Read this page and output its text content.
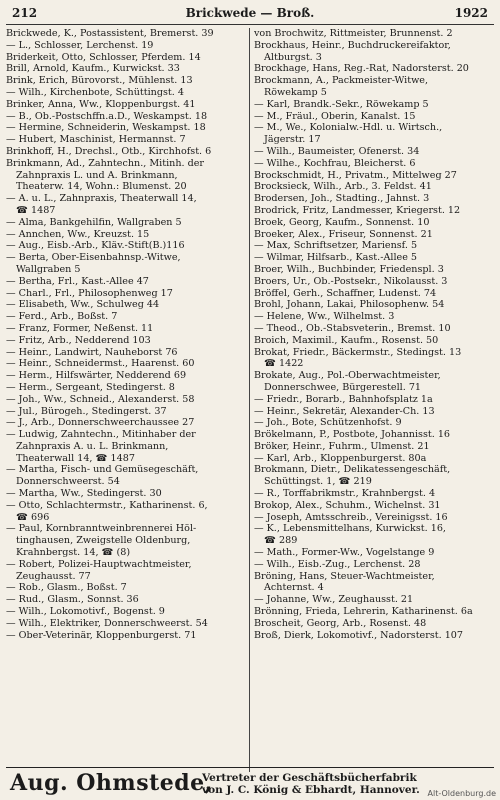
212	Brickwede — Broß.	1922
Brickwede, K., Postassistent, Bremerst. 39
— L., Schlosser, Lerchenst. 19
Briderkeit, Otto, Schlosser, Pferdem. 14
Brill, Arnold, Kaufm., Kurwickst. 33
Brink, Erich, Bürovorst., Mühlenst. 13
— Wilh., Kirchenbote, Schüttingst. 4
Brinker, Anna, Ww., Kloppenburgst. 41
— B., Ob.-Postschffn.a.D., Weskampst. 18
— Hermine, Schneiderin, Weskampst. 18
— Hubert, Maschinist, Hermannst. 7
Brinkhoff, H., Drechsl., Otb., Kirchhofst. 6
Brinkmann, Ad., Zahntechn., Mitinh. der
Zahnpraxis L. und A. Brinkmann,
Theaterw. 14, Wohn.: Blumenst. 20
— A. u. L., Zahnpraxis, Theaterwall 14,
☎ 1487
— Alma, Bankgehilfin, Wallgraben 5
— Annchen, Ww., Kreuzst. 15
— Aug., Eisb.-Arb., Kläv.-Stift(B.)116
— Berta, Ober-Eisenbahnsp.-Witwe,
Wallgraben 5
— Bertha, Frl., Kast.-Allee 47
— Charl., Frl., Philosophenweg 17
— Elisabeth, Ww., Schulweg 44
— Ferd., Arb., Boßst. 7
— Franz, Former, Neßenst. 11
— Fritz, Arb., Nedderend 103
— Heinr., Landwirt, Nauheborst 76
— Heinr., Schneidermst., Haarenst. 60
— Herm., Hilfswärter, Nedderend 69
— Herm., Sergeant, Stedingerst. 8
— Joh., Ww., Schneid., Alexanderst. 58
— Jul., Bürogeh., Stedingerst. 37
— J., Arb., Donnerschweerchaussee 27
— Ludwig, Zahntechn., Mitinhaber der
Zahnpraxis A. u. L. Brinkmann,
Theaterwall 14, ☎ 1487
— Martha, Fisch- und Gemüsegeschäft,
Donnerschweerst. 54
— Martha, Ww., Stedingerst. 30
— Otto, Schlachtermstr., Katharinenst. 6,
☎ 696
— Paul, Kornbranntweinbrennerei Höl-
tinghausen, Zweigstelle Oldenburg,
Krahnbergst. 14, ☎ (8)
— Robert, Polizei-Hauptwachtmeister,
Zeughausst. 77
— Rob., Glasm., Boßst. 7
— Rud., Glasm., Sonnst. 36
— Wilh., Lokomotivf., Bogenst. 9
— Wilh., Elektriker, Donnerschweerst. 54
— Ober-Veterinär, Kloppenburgerst. 71
von Brochwitz, Rittmeister, Brunnenst. 2
Brockhaus, Heinr., Buchdruckereifaktor,
Altburgst. 3
Brockhage, Hans, Reg.-Rat, Nadorsterst. 20
Brockmann, A., Packmeister-Witwe,
Röwekamp 5
— Karl, Brandk.-Sekr., Röwekamp 5
— M., Fräul., Oberin, Kanalst. 15
— M., We., Kolonialw.-Hdl. u. Wirtsch.,
Jägerstr. 17
— Wilh., Baumeister, Ofenerst. 34
— Wilhe., Kochfrau, Bleicherst. 6
Brockschmidt, H., Privatm., Mittelweg 27
Brocksieck, Wilh., Arb., 3. Feldst. 41
Brodersen, Joh., Stadting., Jahnst. 3
Brodrick, Fritz, Landmesser, Kriegerst. 12
Broek, Georg, Kaufm., Sonnenst. 10
Broeker, Alex., Friseur, Sonnenst. 21
— Max, Schriftsetzer, Mariensf. 5
— Wilmar, Hilfsarb., Kast.-Allee 5
Broer, Wilh., Buchbinder, Friedenspl. 3
Broers, Ur., Ob.-Postsekr., Nikolausst. 3
Bröffel, Gerh., Schaffner, Ludenst. 74
Brohl, Johann, Lakai, Philosophenw. 54
— Helene, Ww., Wilhelmst. 3
— Theod., Ob.-Stabsveterin., Bremst. 10
Broich, Maximil., Kaufm., Rosenst. 50
Brokat, Friedr., Bäckermstr., Stedingst. 13
☎ 1422
Brokate, Aug., Pol.-Oberwachtmeister,
Donnerschwee, Bürgerestell. 71
— Friedr., Borarb., Bahnhofsplatz 1a
— Heinr., Sekretär, Alexander-Ch. 13
— Joh., Bote, Schützenhofst. 9
Brökelmann, P., Postbote, Johannisst. 16
Bröker, Heinr., Fuhrm., Ulmenst. 21
— Karl, Arb., Kloppenburgerst. 80a
Brokmann, Dietr., Delikatessengeschäft,
Schüttingst. 1, ☎ 219
— R., Torffabrikmstr., Krahnbergst. 4
Brokop, Alex., Schuhm., Wichelnst. 31
— Joseph, Amtsschreib., Vereinigsst. 16
— K., Lebensmittelhans, Kurwickst. 16,
☎ 289
— Math., Former-Ww., Vogelstange 9
— Wilh., Eisb.-Zug., Lerchenst. 28
Bröning, Hans, Steuer-Wachtmeister,
Achternst. 4
— Johanne, Ww., Zeughausst. 21
Brönning, Frieda, Lehrerin, Katharinenst. 6a
Broscheit, Georg, Arb., Rosenst. 48
Broß, Dierk, Lokomotivf., Nadorsterst. 107
Aug. Ohmstede,
Vertreter der Geschäftsbücherfabrik
von J. C. König & Ebhardt, Hannover. Alt-Oldenburg.de
